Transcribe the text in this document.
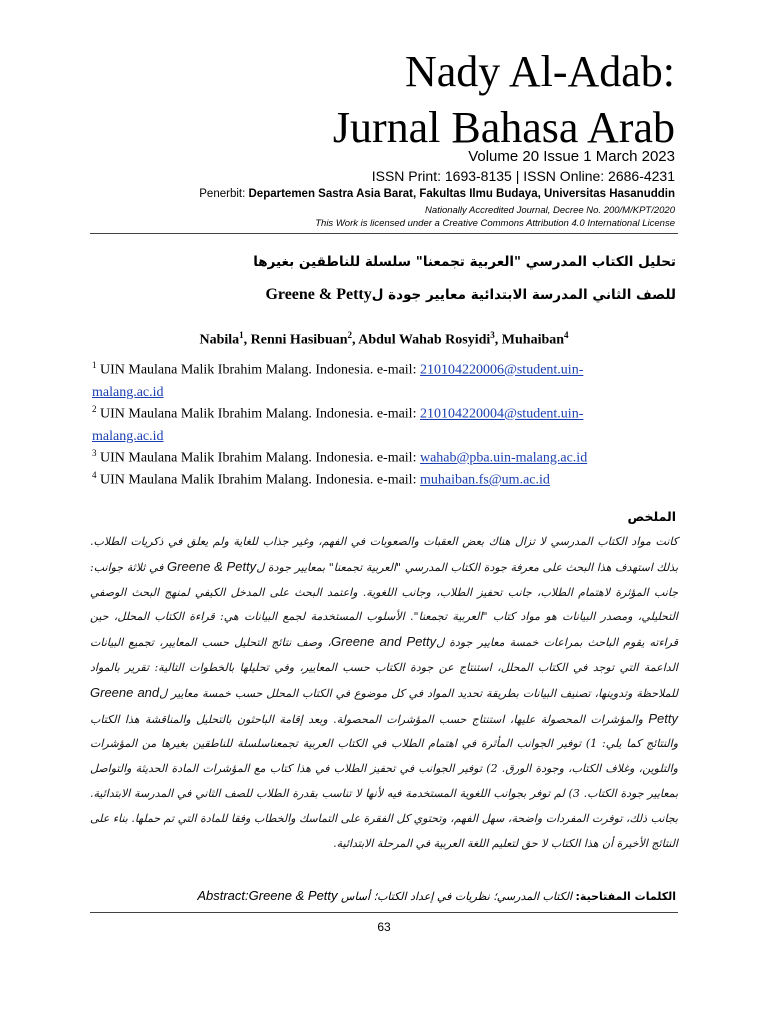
Nady Al-Adab:
Jurnal Bahasa Arab
Volume 20 Issue 1 March 2023
ISSN Print: 1693-8135 | ISSN Online: 2686-4231
Penerbit: Departemen Sastra Asia Barat, Fakultas Ilmu Budaya, Universitas Hasanuddin
Nationally Accredited Journal, Decree No. 200/M/KPT/2020
This Work is licensed under a Creative Commons Attribution 4.0 International License
تحليل الكتاب المدرسي "العربية تجمعنا" سلسلة للناطقين بغيرها
للصف الثاني المدرسة الابتدائية معايير جودة لGreene & Petty
Nabila$^1$, Renni Hasibuan$^2$, Abdul Wahab Rosyidi$^3$, Muhaiban$^4$
$^1$ UIN Maulana Malik Ibrahim Malang. Indonesia. e-mail: 210104220006@student.uin-
malang.ac.id
$^2$ UIN Maulana Malik Ibrahim Malang. Indonesia. e-mail: 210104220004@student.uin-
malang.ac.id
$^3$ UIN Maulana Malik Ibrahim Malang. Indonesia. e-mail: wahab@pba.uin-malang.ac.id
$^4$ UIN Maulana Malik Ibrahim Malang. Indonesia. e-mail: muhaiban.fs@um.ac.id
الملخص
كانت مواد الكتاب المدرسي لا تزال هناك بعض العقبات والصعوبات في الفهم، وغير جذاب للغاية ولم يعلق في ذكريات الطلاب. بذلك استهدف هذا البحث على معرفة جودة الكتاب المدرسي "العربية تجمعنا" بمعايير جودة لGreene & Petty في ثلاثة جوانب: جانب المؤثرة لاهتمام الطلاب، جانب تحفيز الطلاب، وجانب اللغوية. واعتمد البحث على المدخل الكيفي لمنهج البحث الوصفي التحليلي، ومصدر البيانات هو مواد كتاب "العربية تجمعنا". الأسلوب المستخدمة لجمع البيانات هي: قراءة الكتاب المحلل، حين قراءته يقوم الباحث بمراعات خمسة معايير جودة لGreene and Petty، وصف نتائج التحليل حسب المعايير، تجميع البيانات الداعمة التي توجد في الكتاب المحلل، استنتاج عن جودة الكتاب حسب المعايير، وفي تحليلها بالخطوات التالية: تقرير بالمواد للملاحظة وتدوينها، تصنيف البيانات بطريقة تحديد المواد في كل موضوع في الكتاب المحلل حسب خمسة معايير لGreene and Petty والمؤشرات المحصولة عليها، استنتاج حسب المؤشرات المحصولة. وبعد إقامة الباحثون بالتحليل والمناقشة هذا الكتاب والنتائج كما يلي: 1) توفير الجوانب المأثرة في اهتمام الطلاب في الكتاب العربية تجمعناسلسلة للناطقين بغيرها من المؤشرات والتلوين، وغلاف الكتاب، وجودة الورق. 2) توفير الجوانب في تحفيز الطلاب في هذا كتاب مع المؤشرات المادة الحديثة والتواصل بمعايير جودة الكتاب. 3) لم توفر بجوانب اللغوية المستخدمة فيه لأنها لا تناسب بقدرة الطلاب للصف الثاني في المدرسة الابتدائية. بجانب ذلك، توفرت المفردات واضحة، سهل الفهم، وتحتوي كل الفقرة على التماسك والخطاب وفقا للمادة التي تم حملها. بناء على النتائج الأخيرة أن هذا الكتاب لا حق لتعليم اللغة العربية في المرحلة الابتدائية.
الكلمات المفتاحية: الكتاب المدرسي؛ نظريات في إعداد الكتاب؛ أساس Abstract:Greene & Petty
63
